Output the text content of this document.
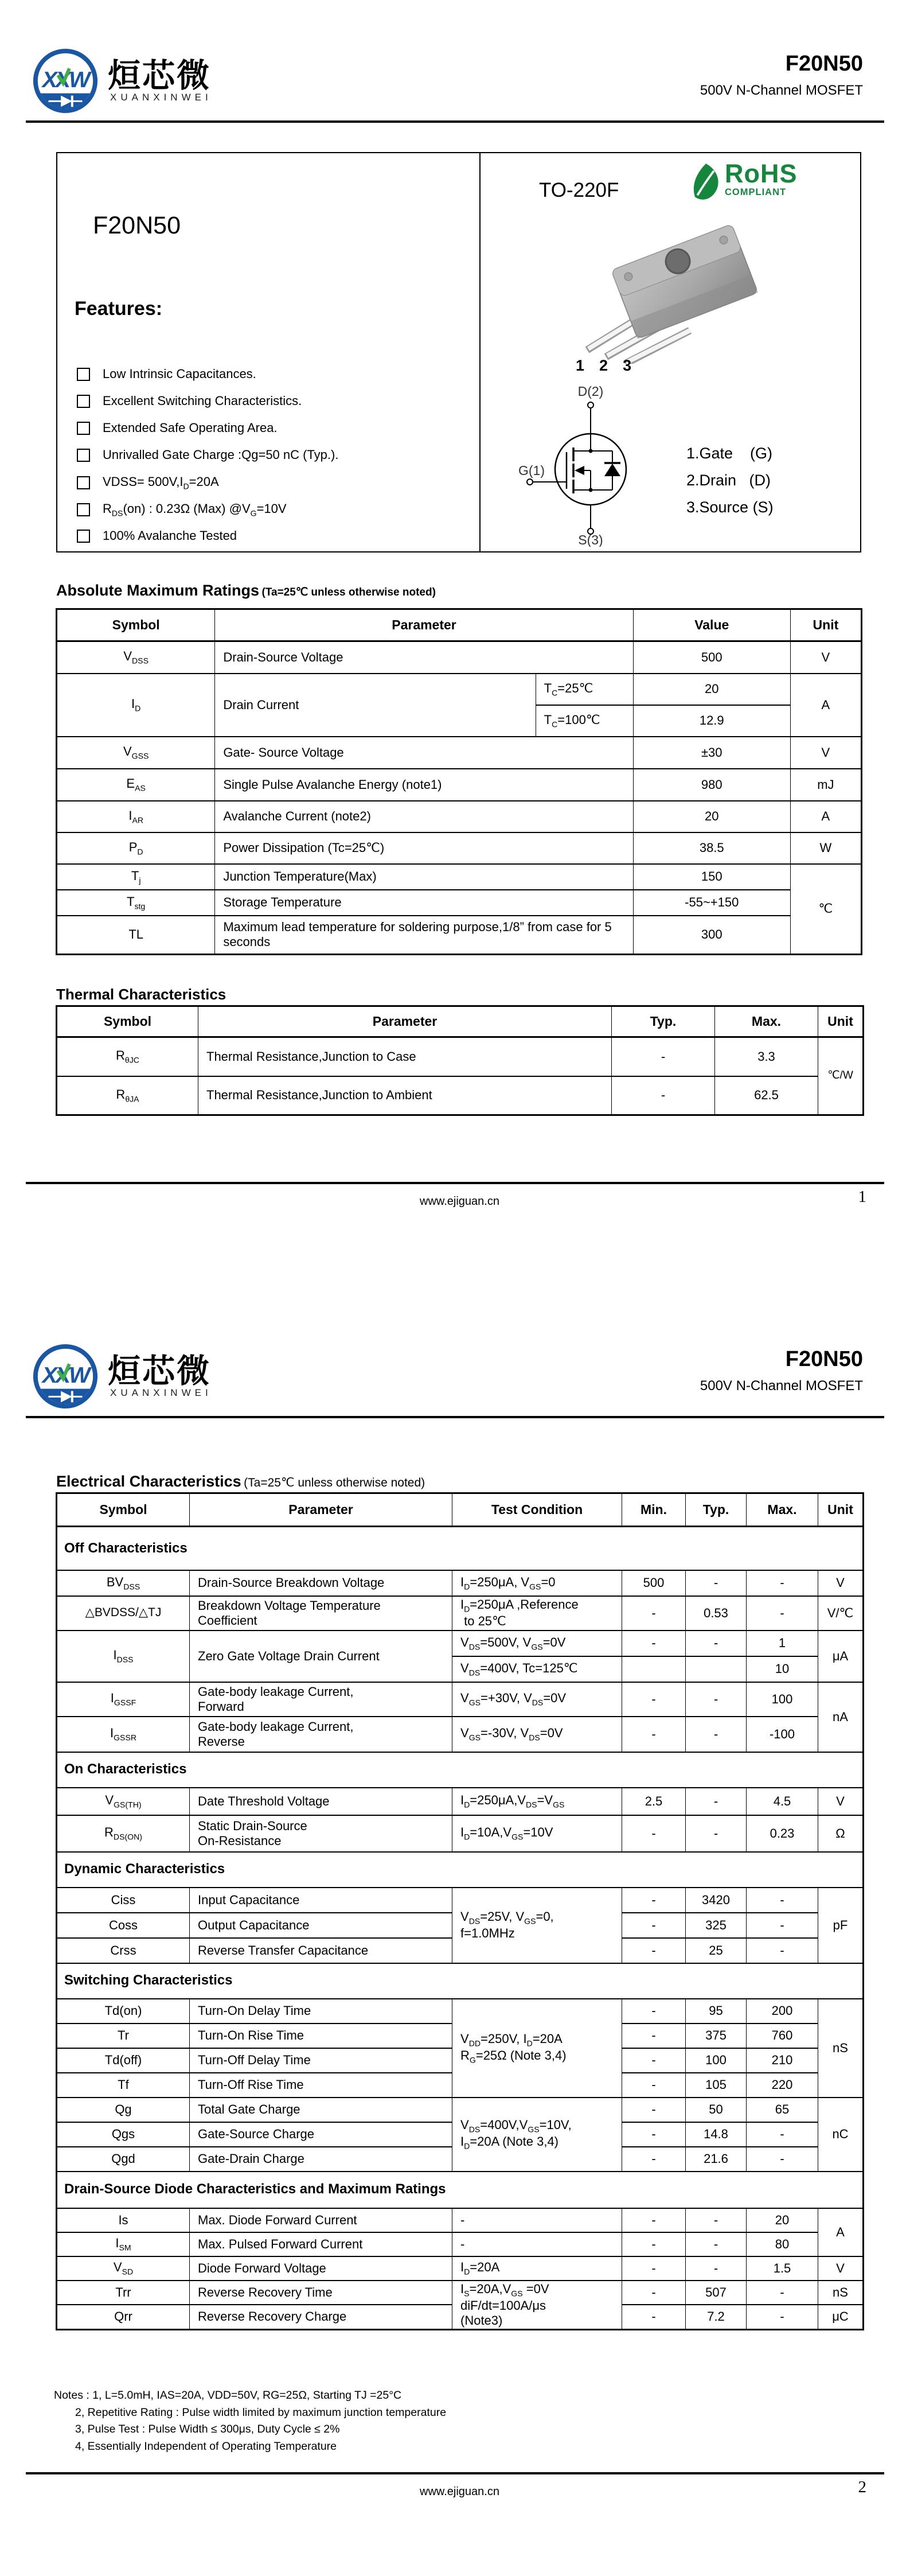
XXW 烜芯微
XUANXINWEI
F20N50
500V N-Channel MOSFET
F20N50
Features:
Low Intrinsic Capacitances.
Excellent Switching Characteristics.
Extended Safe Operating Area.
Unrivalled Gate Charge :Qg=50 nC (Typ.).
VDSS= $500V,I_D=20A$
$R_{DS}(on)$ : 0.23Ω (Max) $@V_G=10V$
100% Avalanche Tested
TO-220F
RoHS
COMPLIANT
1 2 3
D(2)
G(1)
S(3)
1.Gate    (G)
2.Drain   (D)
3.Source (S)
Absolute Maximum Ratings (Ta=25℃ unless otherwise noted)
Symbol	Parameter		Value	Unit
$V_{DSS}$	Drain-Source Voltage		500	V
$I_D$	Drain Current	$T_C=25℃$	20	A
		$T_C=100℃$	12.9	
$V_{GSS}$	Gate- Source Voltage		±30	V
$E_{AS}$	Single Pulse Avalanche Energy (note1)		980	mJ
$I_{AR}$	Avalanche Current (note2)		20	A
$P_D$	Power Dissipation (Tc=25℃)		38.5	W
$T_j$	Junction Temperature(Max)		150	℃
$T_{stg}$	Storage Temperature		-55~+150	
TL	Maximum lead temperature for soldering purpose,1/8” from case for 5 seconds		300	
Thermal Characteristics
Symbol	Parameter	Typ.	Max.	Unit
$R_{\theta JC}$	Thermal Resistance,Junction to Case	-	3.3	℃/W
$R_{\theta JA}$	Thermal Resistance,Junction to Ambient	-	62.5	
www.ejiguan.cn	1
XXW 烜芯微
XUANXINWEI
F20N50
500V N-Channel MOSFET
Electrical Characteristics (Ta=25℃ unless otherwise noted)
Symbol	Parameter	Test Condition	Min.	Typ.	Max.	Unit
Off Characteristics						
$BV_{DSS}$	Drain-Source Breakdown Voltage	$I_D=250\mu A$, $V_{GS}=0$	500	-	-	V
△BVDSS/△TJ	Breakdown Voltage Temperature
Coefficient	$I_D=250\mu A$ ,Reference
to 25℃	-	0.53	-	V/℃
$I_{DSS}$	Zero Gate Voltage Drain Current	$V_{DS}=500V$, $V_{GS}=0V$	-	-	1	μA
		$V_{DS}=400V$, Tc=125℃			10	
$I_{GSSF}$	Gate-body leakage Current,
Forward	$V_{GS}=+30V$, $V_{DS}=0V$	-	-	100	nA
$I_{GSSR}$	Gate-body leakage Current,
Reverse	$V_{GS}=-30V$, $V_{DS}=0V$	-	-	-100	
On Characteristics						
$V_{GS(TH)}$	Date Threshold Voltage	$I_D=250\mu A,V_{DS}=V_{GS}$	2.5	-	4.5	V
$R_{DS(ON)}$	Static Drain-Source
On-Resistance	$I_D=10A,V_{GS}=10V$	-	-	0.23	Ω
Dynamic Characteristics						
Ciss	Input Capacitance	$V_{DS}=25V$, $V_{GS}=0$,
f=1.0MHz	-	3420	-	pF
Coss	Output Capacitance		-	325	-	
Crss	Reverse Transfer Capacitance		-	25	-	
Switching Characteristics						
Td(on)	Turn-On Delay Time	$V_{DD}=250V$, $I_D=20A$
$R_G=25\Omega$ (Note 3,4)	-	95	200	nS
Tr	Turn-On Rise Time		-	375	760	
Td(off)	Turn-Off Delay Time		-	100	210	
Tf	Turn-Off Rise Time		-	105	220	
Qg	Total Gate Charge	$V_{DS}=400V,V_{GS}=10V$,
$I_D=20A$ (Note 3,4)	-	50	65	nC
Qgs	Gate-Source Charge		-	14.8	-	
Qgd	Gate-Drain Charge		-	21.6	-	
Drain-Source Diode Characteristics and Maximum Ratings						
Is	Max. Diode Forward Current	-	-	-	20	A
$I_{SM}$	Max. Pulsed Forward Current	-	-	-	80	
$V_{SD}$	Diode Forward Voltage	$I_D=20A$	-	-	1.5	V
Trr	Reverse Recovery Time	$I_S=20A,V_{GS} =0V$
diF/dt=100A/μs
(Note3)	-	507	-	nS
Qrr	Reverse Recovery Charge		-	7.2	-	μC
Notes : 1, L=5.0mH, IAS=20A, VDD=50V, RG=25Ω, Starting TJ =25°C
2, Repetitive Rating : Pulse width limited by maximum junction temperature
3, Pulse Test : Pulse Width ≤ 300μs, Duty Cycle ≤ 2%
4, Essentially Independent of Operating Temperature
www.ejiguan.cn	2
